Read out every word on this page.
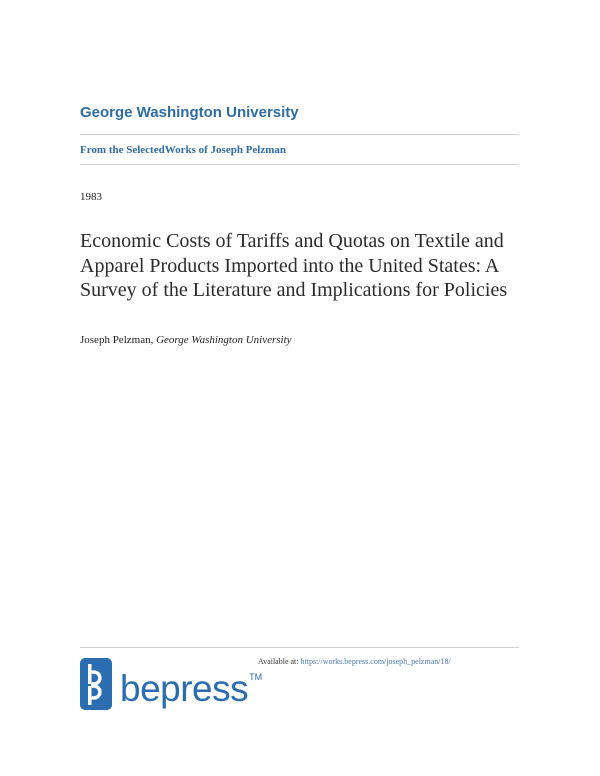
George Washington University
From the SelectedWorks of Joseph Pelzman
1983
Economic Costs of Tariffs and Quotas on Textile and Apparel Products Imported into the United States: A Survey of the Literature and Implications for Policies
Joseph Pelzman, George Washington University
Available at: https://works.bepress.com/joseph_pelzman/18/
bepress TM
